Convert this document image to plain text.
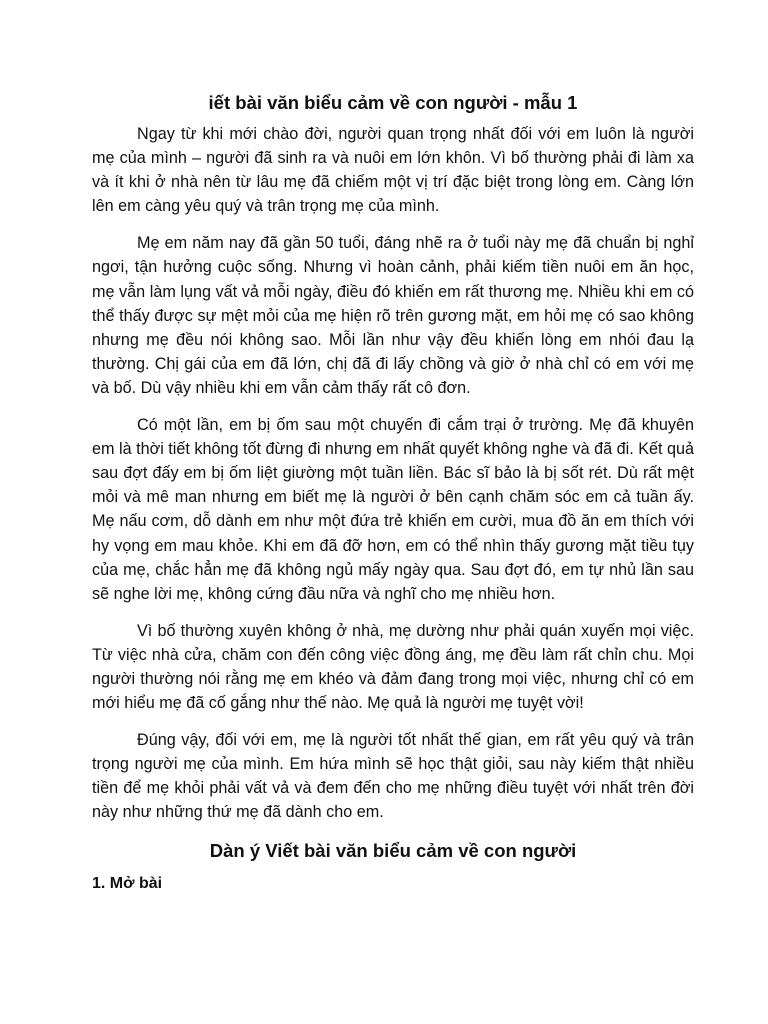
iết bài văn biểu cảm về con người - mẫu 1

Ngay từ khi mới chào đời, người quan trọng nhất đối với em luôn là người mẹ của mình – người đã sinh ra và nuôi em lớn khôn. Vì bố thường phải đi làm xa và ít khi ở nhà nên từ lâu mẹ đã chiếm một vị trí đặc biệt trong lòng em. Càng lớn lên em càng yêu quý và trân trọng mẹ của mình.

Mẹ em năm nay đã gần 50 tuổi, đáng nhẽ ra ở tuổi này mẹ đã chuẩn bị nghỉ ngơi, tận hưởng cuộc sống. Nhưng vì hoàn cảnh, phải kiếm tiền nuôi em ăn học, mẹ vẫn làm lụng vất vả mỗi ngày, điều đó khiến em rất thương mẹ. Nhiều khi em có thể thấy được sự mệt mỏi của mẹ hiện rõ trên gương mặt, em hỏi mẹ có sao không nhưng mẹ đều nói không sao. Mỗi lần như vậy đều khiến lòng em nhói đau lạ thường. Chị gái của em đã lớn, chị đã đi lấy chồng và giờ ở nhà chỉ có em với mẹ và bố. Dù vậy nhiều khi em vẫn cảm thấy rất cô đơn.

Có một lần, em bị ốm sau một chuyến đi cắm trại ở trường. Mẹ đã khuyên em là thời tiết không tốt đừng đi nhưng em nhất quyết không nghe và đã đi. Kết quả sau đợt đấy em bị ốm liệt giường một tuần liền. Bác sĩ bảo là bị sốt rét. Dù rất mệt mỏi và mê man nhưng em biết mẹ là người ở bên cạnh chăm sóc em cả tuần ấy. Mẹ nấu cơm, dỗ dành em như một đứa trẻ khiến em cười, mua đồ ăn em thích với hy vọng em mau khỏe. Khi em đã đỡ hơn, em có thể nhìn thấy gương mặt tiều tụy của mẹ, chắc hẳn mẹ đã không ngủ mấy ngày qua. Sau đợt đó, em tự nhủ lần sau sẽ nghe lời mẹ, không cứng đầu nữa và nghĩ cho mẹ nhiều hơn.

Vì bố thường xuyên không ở nhà, mẹ dường như phải quán xuyến mọi việc. Từ việc nhà cửa, chăm con đến công việc đồng áng, mẹ đều làm rất chỉn chu. Mọi người thường nói rằng mẹ em khéo và đảm đang trong mọi việc, nhưng chỉ có em mới hiểu mẹ đã cố gắng như thế nào. Mẹ quả là người mẹ tuyệt vời!

Đúng vậy, đối với em, mẹ là người tốt nhất thế gian, em rất yêu quý và trân trọng người mẹ của mình. Em hứa mình sẽ học thật giỏi, sau này kiếm thật nhiều tiền để mẹ khỏi phải vất vả và đem đến cho mẹ những điều tuyệt với nhất trên đời này như những thứ mẹ đã dành cho em.

Dàn ý Viết bài văn biểu cảm về con người

1. Mở bài
